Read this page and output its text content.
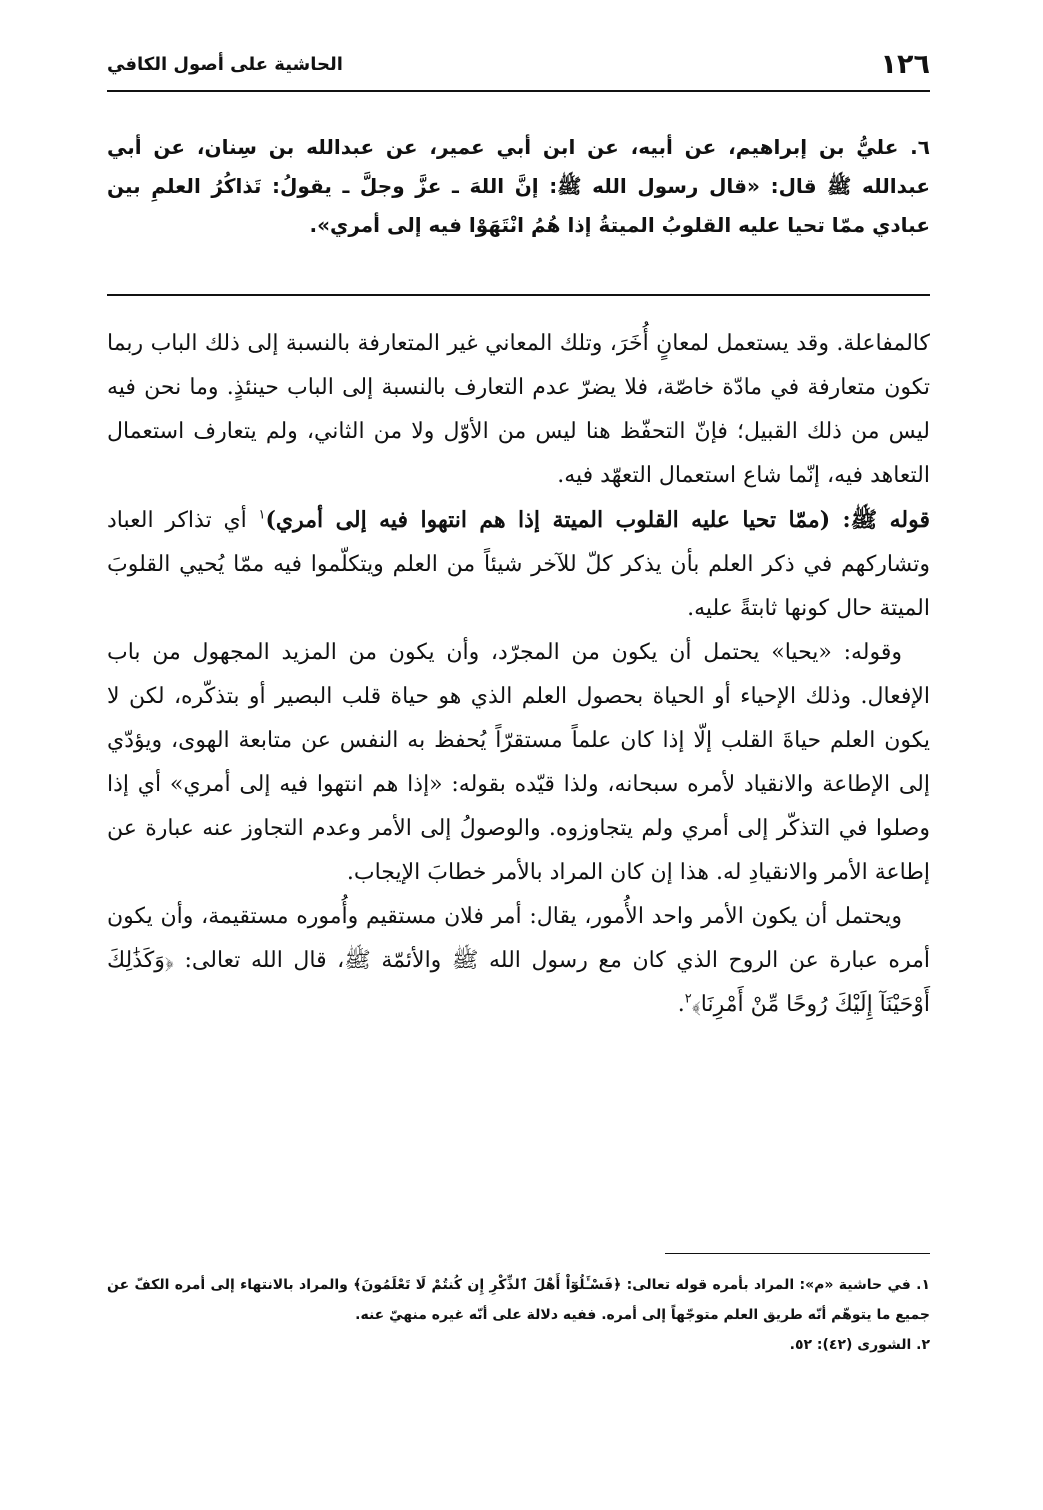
١٢٦
الحاشية على أصول الكافي
٦. عليُّ بن إبراهيم، عن أبيه، عن ابن أبي عمير، عن عبدالله بن سِنان، عن أبي عبدالله ﷺ قال: «قال رسول الله ﷺ: إنَّ اللهَ ـ عزَّ وجلَّ ـ يقولُ: تَذاكُرُ العلمِ بين عبادي ممّا تحيا عليه القلوبُ الميتةُ إذا هُمُ انْتَهَوْا فيه إلى أمري».

كالمفاعلة. وقد يستعمل لمعانٍ أُخَرَ، وتلك المعاني غير المتعارفة بالنسبة إلى ذلك الباب ربما تكون متعارفة في مادّة خاصّة، فلا يضرّ عدم التعارف بالنسبة إلى الباب حينئذٍ. وما نحن فيه ليس من ذلك القبيل؛ فإنّ التحفّظ هنا ليس من الأوّل ولا من الثاني، ولم يتعارف استعمال التعاهد فيه، إنّما شاع استعمال التعهّد فيه.

قوله ﷺ: (ممّا تحيا عليه القلوب الميتة إذا هم انتهوا فيه إلى أمري)$^١$ أي تذاكر العباد وتشاركهم في ذكر العلم بأن يذكر كلّ للآخر شيئاً من العلم ويتكلّموا فيه ممّا يُحيي القلوبَ الميتة حال كونها ثابتةً عليه.

وقوله: «يحيا» يحتمل أن يكون من المجرّد، وأن يكون من المزيد المجهول من باب الإفعال. وذلك الإحياء أو الحياة بحصول العلم الذي هو حياة قلب البصير أو بتذكّره، لكن لا يكون العلم حياةَ القلب إلّا إذا كان علماً مستقرّاً يُحفظ به النفس عن متابعة الهوى، ويؤدّي إلى الإطاعة والانقياد لأمره سبحانه، ولذا قيّده بقوله: «إذا هم انتهوا فيه إلى أمري» أي إذا وصلوا في التذكّر إلى أمري ولم يتجاوزوه. والوصولُ إلى الأمر وعدم التجاوز عنه عبارة عن إطاعة الأمر والانقيادِ له. هذا إن كان المراد بالأمر خطابَ الإيجاب.

ويحتمل أن يكون الأمر واحد الأُمور، يقال: أمر فلان مستقيم وأُموره مستقيمة، وأن يكون أمره عبارة عن الروح الذي كان مع رسول الله ﷺ والأئمّة ﷺ، قال الله تعالى: ﴿وَكَذَٰلِكَ أَوْحَيْنَآ إِلَيْكَ رُوحًا مِّنْ أَمْرِنَا﴾$^٢$.

١. في حاشية «م»: المراد بأمره قوله تعالى: ﴿فَسْـَٔلُوٓاْ أَهْلَ ٱلذِّكْرِ إِن كُنتُمْ لَا تَعْلَمُونَ﴾ والمراد بالانتهاء إلى أمره الكفّ عن جميع ما يتوهّم أنّه طريق العلم متوجّهاً إلى أمره. ففيه دلالة على أنّه غيره منهيّ عنه.

٢. الشورى (٤٢): ٥٢.
